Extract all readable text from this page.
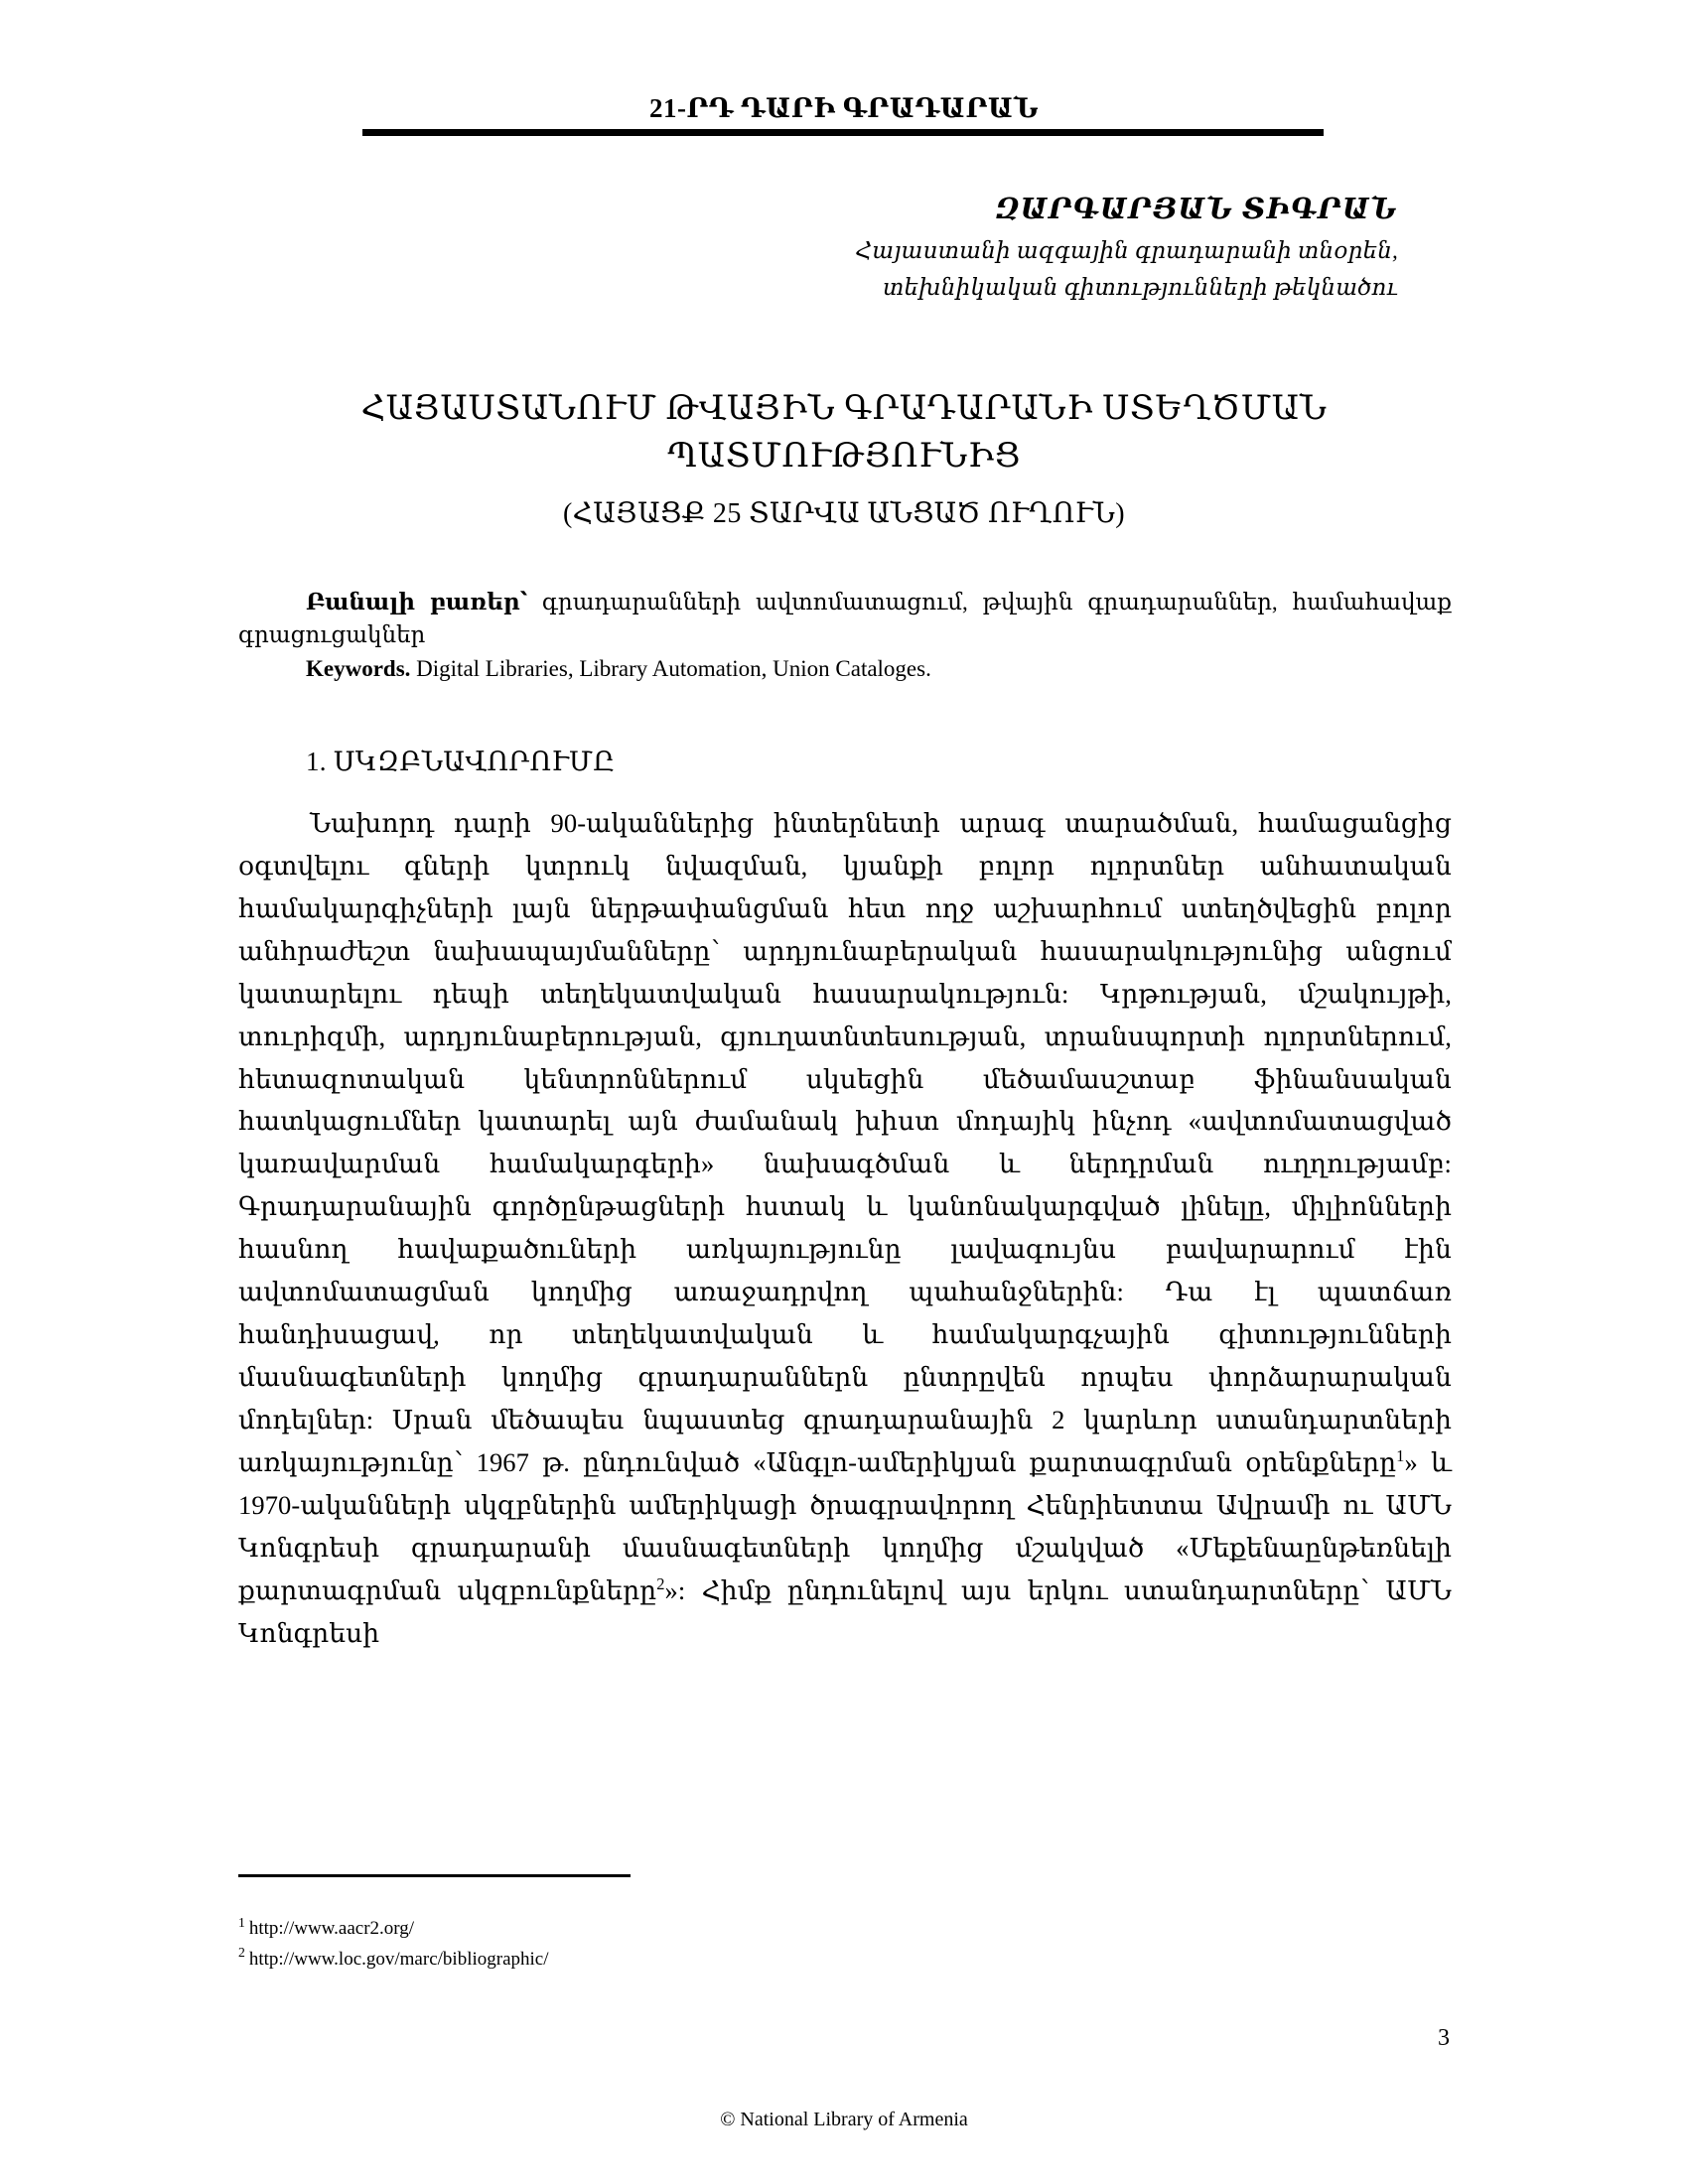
21-ՐԴ ԴԱՐԻ ԳՐԱԴԱՐԱՆ
ԶԱՐԳԱՐՅԱՆ ՏԻԳՐԱՆ
Հայաստանի ազգային գրադարանի տնօրեն,
տեխնիկական գիտությունների թեկնածու
ՀԱՅԱՍՏԱՆՈՒՄ ԹՎԱՅԻՆ ԳՐԱԴԱՐԱՆԻ ՍՏԵՂԾՄԱՆ ՊԱՏՄՈՒԹՅՈՒՆԻՑ
(ՀԱՅԱՑՔ 25 ՏԱՐՎԱ ԱՆՑԱԾ ՈՒՂՈՒՆ)
Բանալի բառեր՝ գրադարանների ավտոմատացում, թվային գրադարաններ, համահավաք գրացուցակներ
Keywords. Digital Libraries, Library Automation, Union Cataloges.
1. ՍԿԶԲՆԱՎՈՐՈՒՄԸ
Նախորդ դարի 90-ականներից ինտերնետի արագ տարածման, համացանցից օգտվելու գների կտրուկ նվազման, կյանքի բոլոր ոլորտներ անհատական համակարգիչների լայն ներթափանցման հետ ողջ աշխարհում ստեղծվեցին բոլոր անհրաժեշտ նախապայմանները՝ արդյունաբերական հասարակությունից անցում կատարելու դեպի տեղեկատվական հասարակություն: Կրթության, մշակույթի, տուրիզմի, արդյունաբերության, գյուղատնտեսության, տրանսպորտի ոլորտներում, հետազոտական կենտրոններում սկսեցին մեծամասշտաբ ֆինանսական հատկացումներ կատարել այն ժամանակ խիստ մոդայիկ ինչոդ «ավտոմատացված կառավարման համակարգերի» նախագծման և ներդրման ուղղությամբ: Գրադարանային գործընթացների հստակ և կանոնակարգված լինելը, միլիոնների հասնող հավաքածուների առկայությունը լավագույնս բավարարում էին ավտոմատացման կողմից առաջադրվող պահանջներին: Դա էլ պատճառ հանդիսացավ, որ տեղեկատվական և համակարգչային գիտությունների մասնագետների կողմից գրադարաններն ընտրըվեն որպես փորձարարական մոդելներ: Սրան մեծապես նպաստեց գրադարանային 2 կարևոր ստանդարտների առկայությունը՝ 1967 թ. ընդունված «Անգլո-ամերիկյան քարտագրման օրենքները$^1$» և 1970-ականների սկզբներին ամերիկացի ծրագրավորող Հենրիետտա Ավրամի ու ԱՄՆ Կոնգրեսի գրադարանի մասնագետների կողմից մշակված «Մեքենաընթեռնելի քարտագրման սկզբունքները$^2$»: Հիմք ընդունելով այս երկու ստանդարտները՝ ԱՄՆ Կոնգրեսի
$^1$ http://www.aacr2.org/
$^2$ http://www.loc.gov/marc/bibliographic/
3
© National Library of Armenia
